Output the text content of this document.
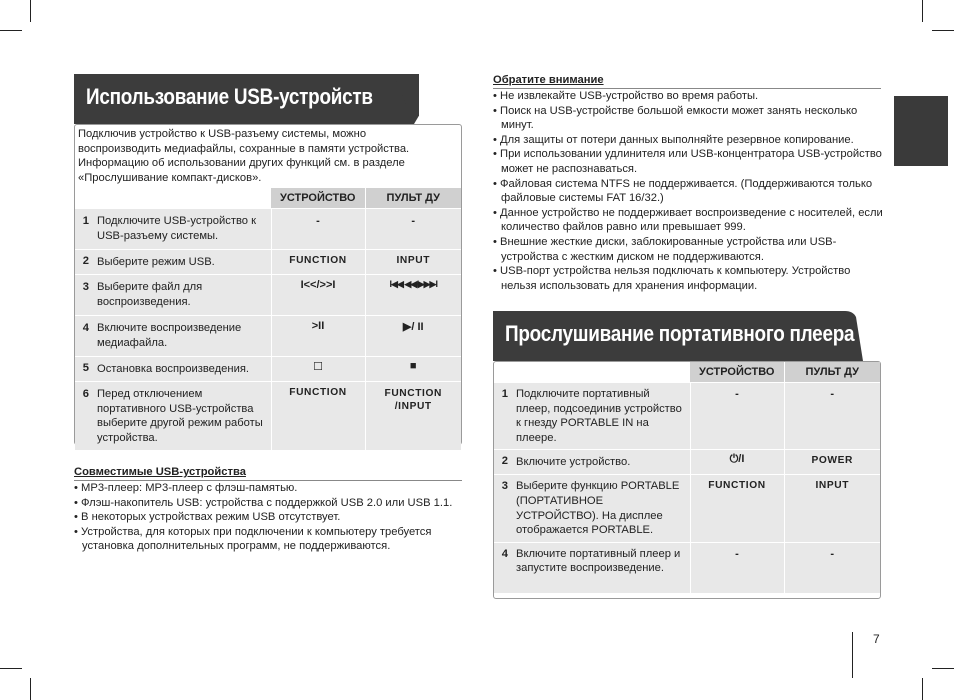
Использование USB-устройств
Подключив устройство к USB-разъему системы, можно воспроизводить медиафайлы, сохранные в памяти устройства. Информацию об использовании других функций см. в разделе «Прослушивание компакт-дисков».
		УСТРОЙСТВО	ПУЛЬТ ДУ

1	Подключите USB-устройство к USB-разъему системы.	-	-

2	Выберите режим USB.	FUNCTION	INPUT

3	Выберите файл для воспроизведения.	I<</>>I	I◀◀ ◀◀/▶▶▶I

4	Включите воспроизведение медиафайла.	>II	▶/ II

5	Остановка воспроизведения.	☐	■

6	Перед отключением портативного USB-устройства выберите другой режим работы устройства.	FUNCTION	FUNCTION /INPUT
Совместимые USB-устройства
• MP3-плеер: MP3-плеер с флэш-памятью.
• Флэш-накопитель USB: устройства с поддержкой USB 2.0 или USB 1.1.
• В некоторых устройствах режим USB отсутствует.
• Устройства, для которых при подключении к компьютеру требуется установка дополнительных программ, не поддерживаются.
Обратите внимание
• Не извлекайте USB-устройство во время работы.
• Поиск на USB-устройстве большой емкости может занять несколько минут.
• Для защиты от потери данных выполняйте резервное копирование.
• При использовании удлинителя или USB-концентратора USB-устройство может не распознаваться.
• Файловая система NTFS не поддерживается. (Поддерживаются только файловые системы FAT 16/32.)
• Данное устройство не поддерживает воспроизведение с носителей, если количество файлов равно или превышает 999.
• Внешние жесткие диски, заблокированные устройства или USB-устройства с жестким диском не поддерживаются.
• USB-порт устройства нельзя подключать к компьютеру. Устройство нельзя использовать для хранения информации.
Прослушивание портативного плеера
		УСТРОЙСТВО	ПУЛЬТ ДУ

1	Подключите портативный плеер, подсоединив устройство к гнезду PORTABLE IN на плеере.	-	-

2	Включите устройство.	⏻/I	POWER

3	Выберите функцию PORTABLE (ПОРТАТИВНОЕ УСТРОЙСТВО). На дисплее отображается PORTABLE.	FUNCTION	INPUT

4	Включите портативный плеер и запустите воспроизведение.	-	-
7
